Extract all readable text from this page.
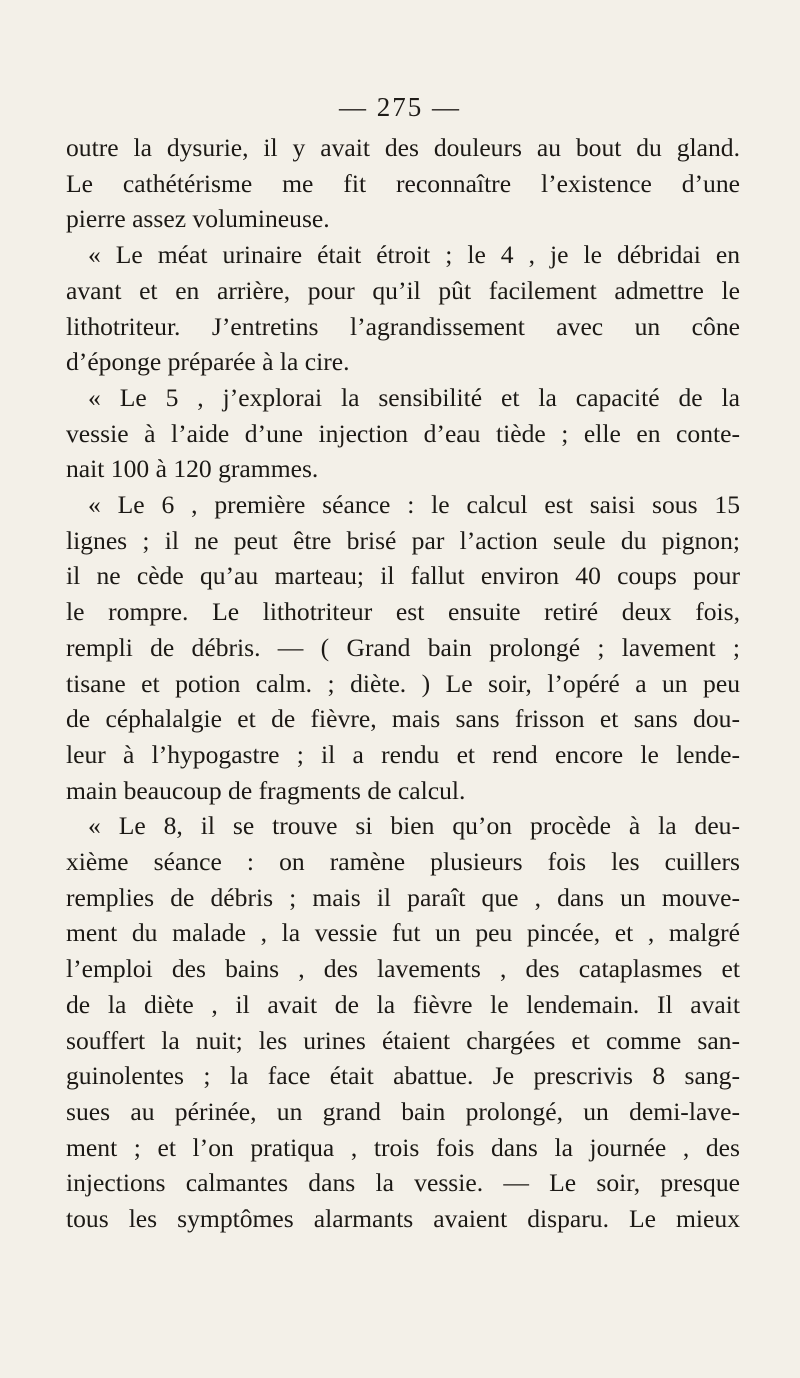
— 275 —
outre la dysurie, il y avait des douleurs au bout du gland.
Le cathétérisme me fit reconnaître l’existence d’une
pierre assez volumineuse.
« Le méat urinaire était étroit ; le 4 , je le débridai en
avant et en arrière, pour qu’il pût facilement admettre le
lithotriteur. J’entretins l’agrandissement avec un cône
d’éponge préparée à la cire.
« Le 5 , j’explorai la sensibilité et la capacité de la
vessie à l’aide d’une injection d’eau tiède ; elle en conte-
nait 100 à 120 grammes.
« Le 6 , première séance : le calcul est saisi sous 15
lignes ; il ne peut être brisé par l’action seule du pignon;
il ne cède qu’au marteau; il fallut environ 40 coups pour
le rompre. Le lithotriteur est ensuite retiré deux fois,
rempli de débris. — ( Grand bain prolongé ; lavement ;
tisane et potion calm. ; diète. ) Le soir, l’opéré a un peu
de céphalalgie et de fièvre, mais sans frisson et sans dou-
leur à l’hypogastre ; il a rendu et rend encore le lende-
main beaucoup de fragments de calcul.
« Le 8, il se trouve si bien qu’on procède à la deu-
xième séance : on ramène plusieurs fois les cuillers
remplies de débris ; mais il paraît que , dans un mouve-
ment du malade , la vessie fut un peu pincée, et , malgré
l’emploi des bains , des lavements , des cataplasmes et
de la diète , il avait de la fièvre le lendemain. Il avait
souffert la nuit; les urines étaient chargées et comme san-
guinolentes ; la face était abattue. Je prescrivis 8 sang-
sues au périnée, un grand bain prolongé, un demi-lave-
ment ; et l’on pratiqua , trois fois dans la journée , des
injections calmantes dans la vessie. — Le soir, presque
tous les symptômes alarmants avaient disparu. Le mieux
